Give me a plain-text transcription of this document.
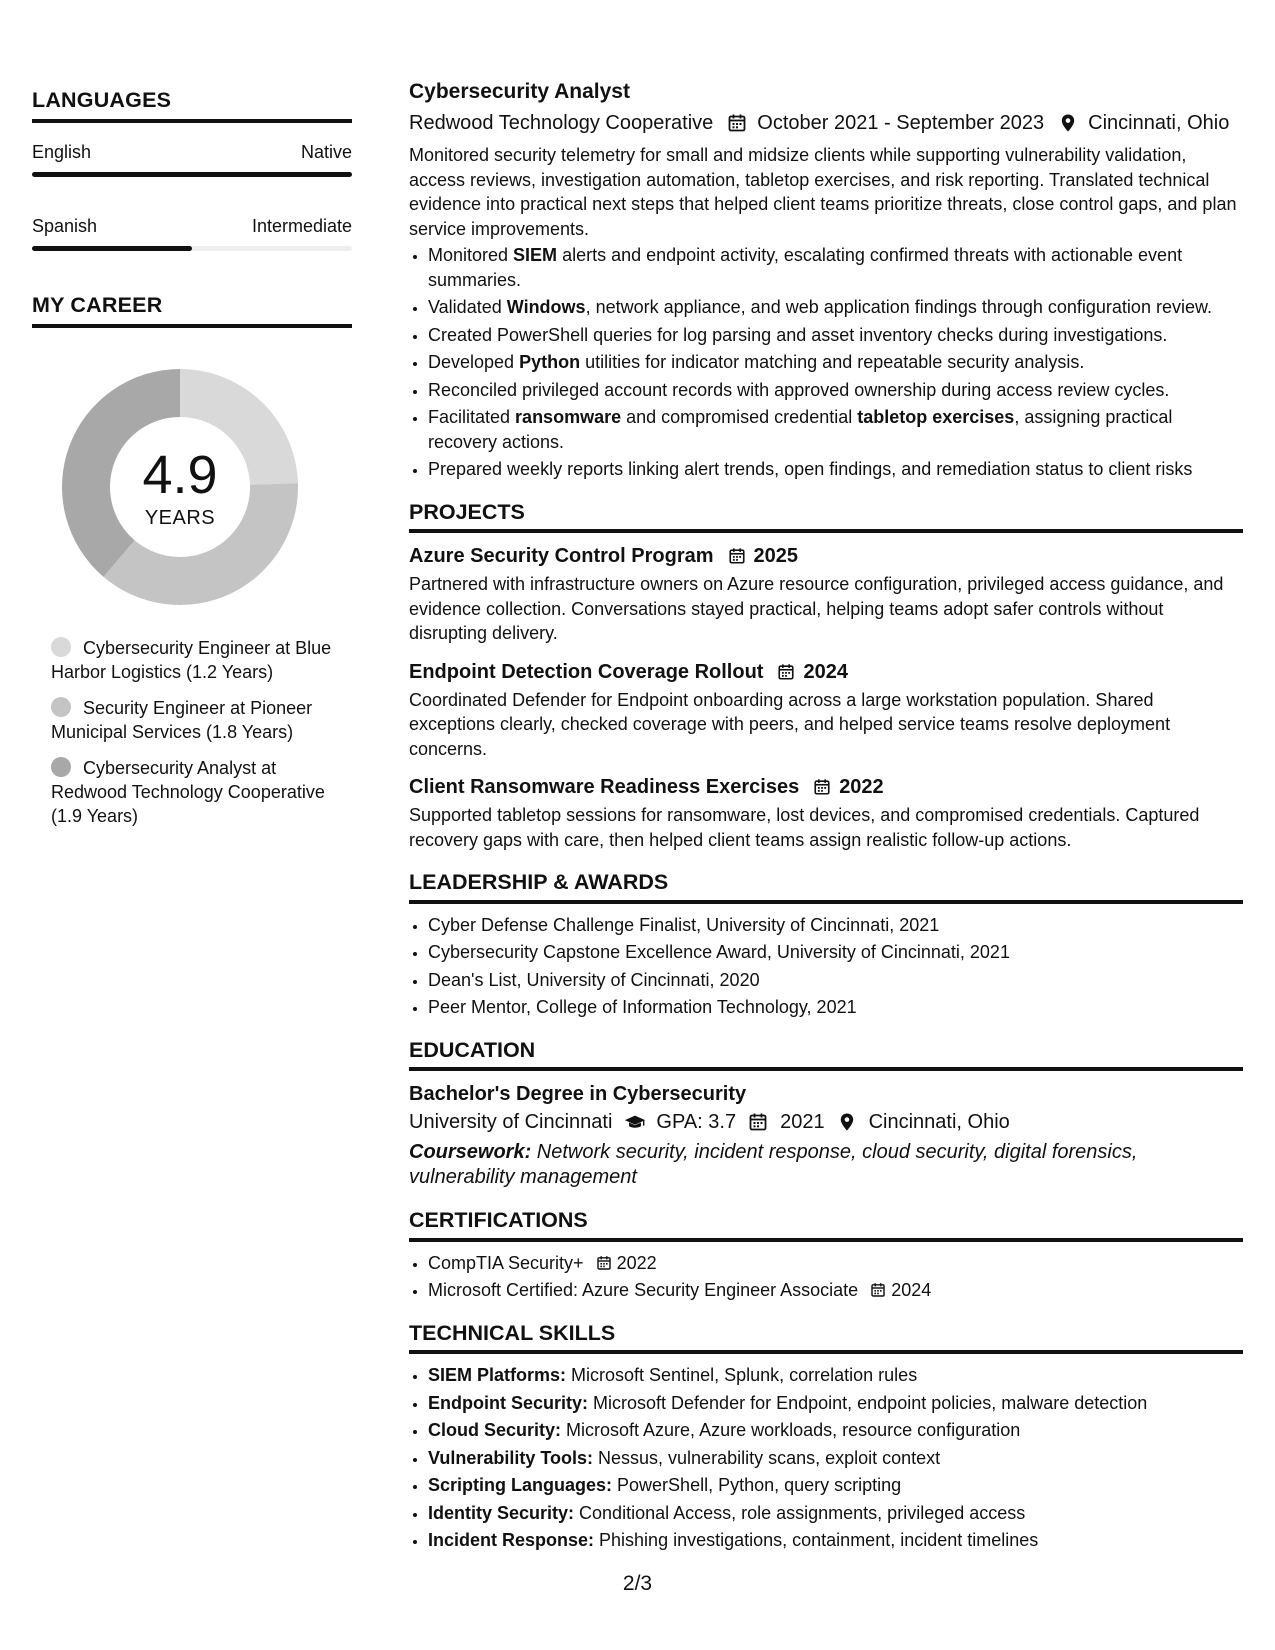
LANGUAGES
English	Native
Spanish	Intermediate
MY CAREER
4.9
YEARS
Cybersecurity Engineer at Blue Harbor Logistics (1.2 Years)
Security Engineer at Pioneer Municipal Services (1.8 Years)
Cybersecurity Analyst at Redwood Technology Cooperative (1.9 Years)
Cybersecurity Analyst
Redwood Technology Cooperative October 2021 - September 2023 Cincinnati, Ohio
Monitored security telemetry for small and midsize clients while supporting vulnerability validation, access reviews, investigation automation, tabletop exercises, and risk reporting. Translated technical evidence into practical next steps that helped client teams prioritize threats, close control gaps, and plan service improvements.
• Monitored SIEM alerts and endpoint activity, escalating confirmed threats with actionable event summaries.
• Validated Windows, network appliance, and web application findings through configuration review.
• Created PowerShell queries for log parsing and asset inventory checks during investigations.
• Developed Python utilities for indicator matching and repeatable security analysis.
• Reconciled privileged account records with approved ownership during access review cycles.
• Facilitated ransomware and compromised credential tabletop exercises, assigning practical recovery actions.
• Prepared weekly reports linking alert trends, open findings, and remediation status to client risks
PROJECTS
Azure Security Control Program 2025
Partnered with infrastructure owners on Azure resource configuration, privileged access guidance, and evidence collection. Conversations stayed practical, helping teams adopt safer controls without disrupting delivery.
Endpoint Detection Coverage Rollout 2024
Coordinated Defender for Endpoint onboarding across a large workstation population. Shared exceptions clearly, checked coverage with peers, and helped service teams resolve deployment concerns.
Client Ransomware Readiness Exercises 2022
Supported tabletop sessions for ransomware, lost devices, and compromised credentials. Captured recovery gaps with care, then helped client teams assign realistic follow-up actions.
LEADERSHIP & AWARDS
• Cyber Defense Challenge Finalist, University of Cincinnati, 2021
• Cybersecurity Capstone Excellence Award, University of Cincinnati, 2021
• Dean's List, University of Cincinnati, 2020
• Peer Mentor, College of Information Technology, 2021
EDUCATION
Bachelor's Degree in Cybersecurity
University of Cincinnati GPA: 3.7 2021 Cincinnati, Ohio
Coursework: Network security, incident response, cloud security, digital forensics, vulnerability management
CERTIFICATIONS
• CompTIA Security+ 2022
• Microsoft Certified: Azure Security Engineer Associate 2024
TECHNICAL SKILLS
• SIEM Platforms: Microsoft Sentinel, Splunk, correlation rules
• Endpoint Security: Microsoft Defender for Endpoint, endpoint policies, malware detection
• Cloud Security: Microsoft Azure, Azure workloads, resource configuration
• Vulnerability Tools: Nessus, vulnerability scans, exploit context
• Scripting Languages: PowerShell, Python, query scripting
• Identity Security: Conditional Access, role assignments, privileged access
• Incident Response: Phishing investigations, containment, incident timelines
2/3
